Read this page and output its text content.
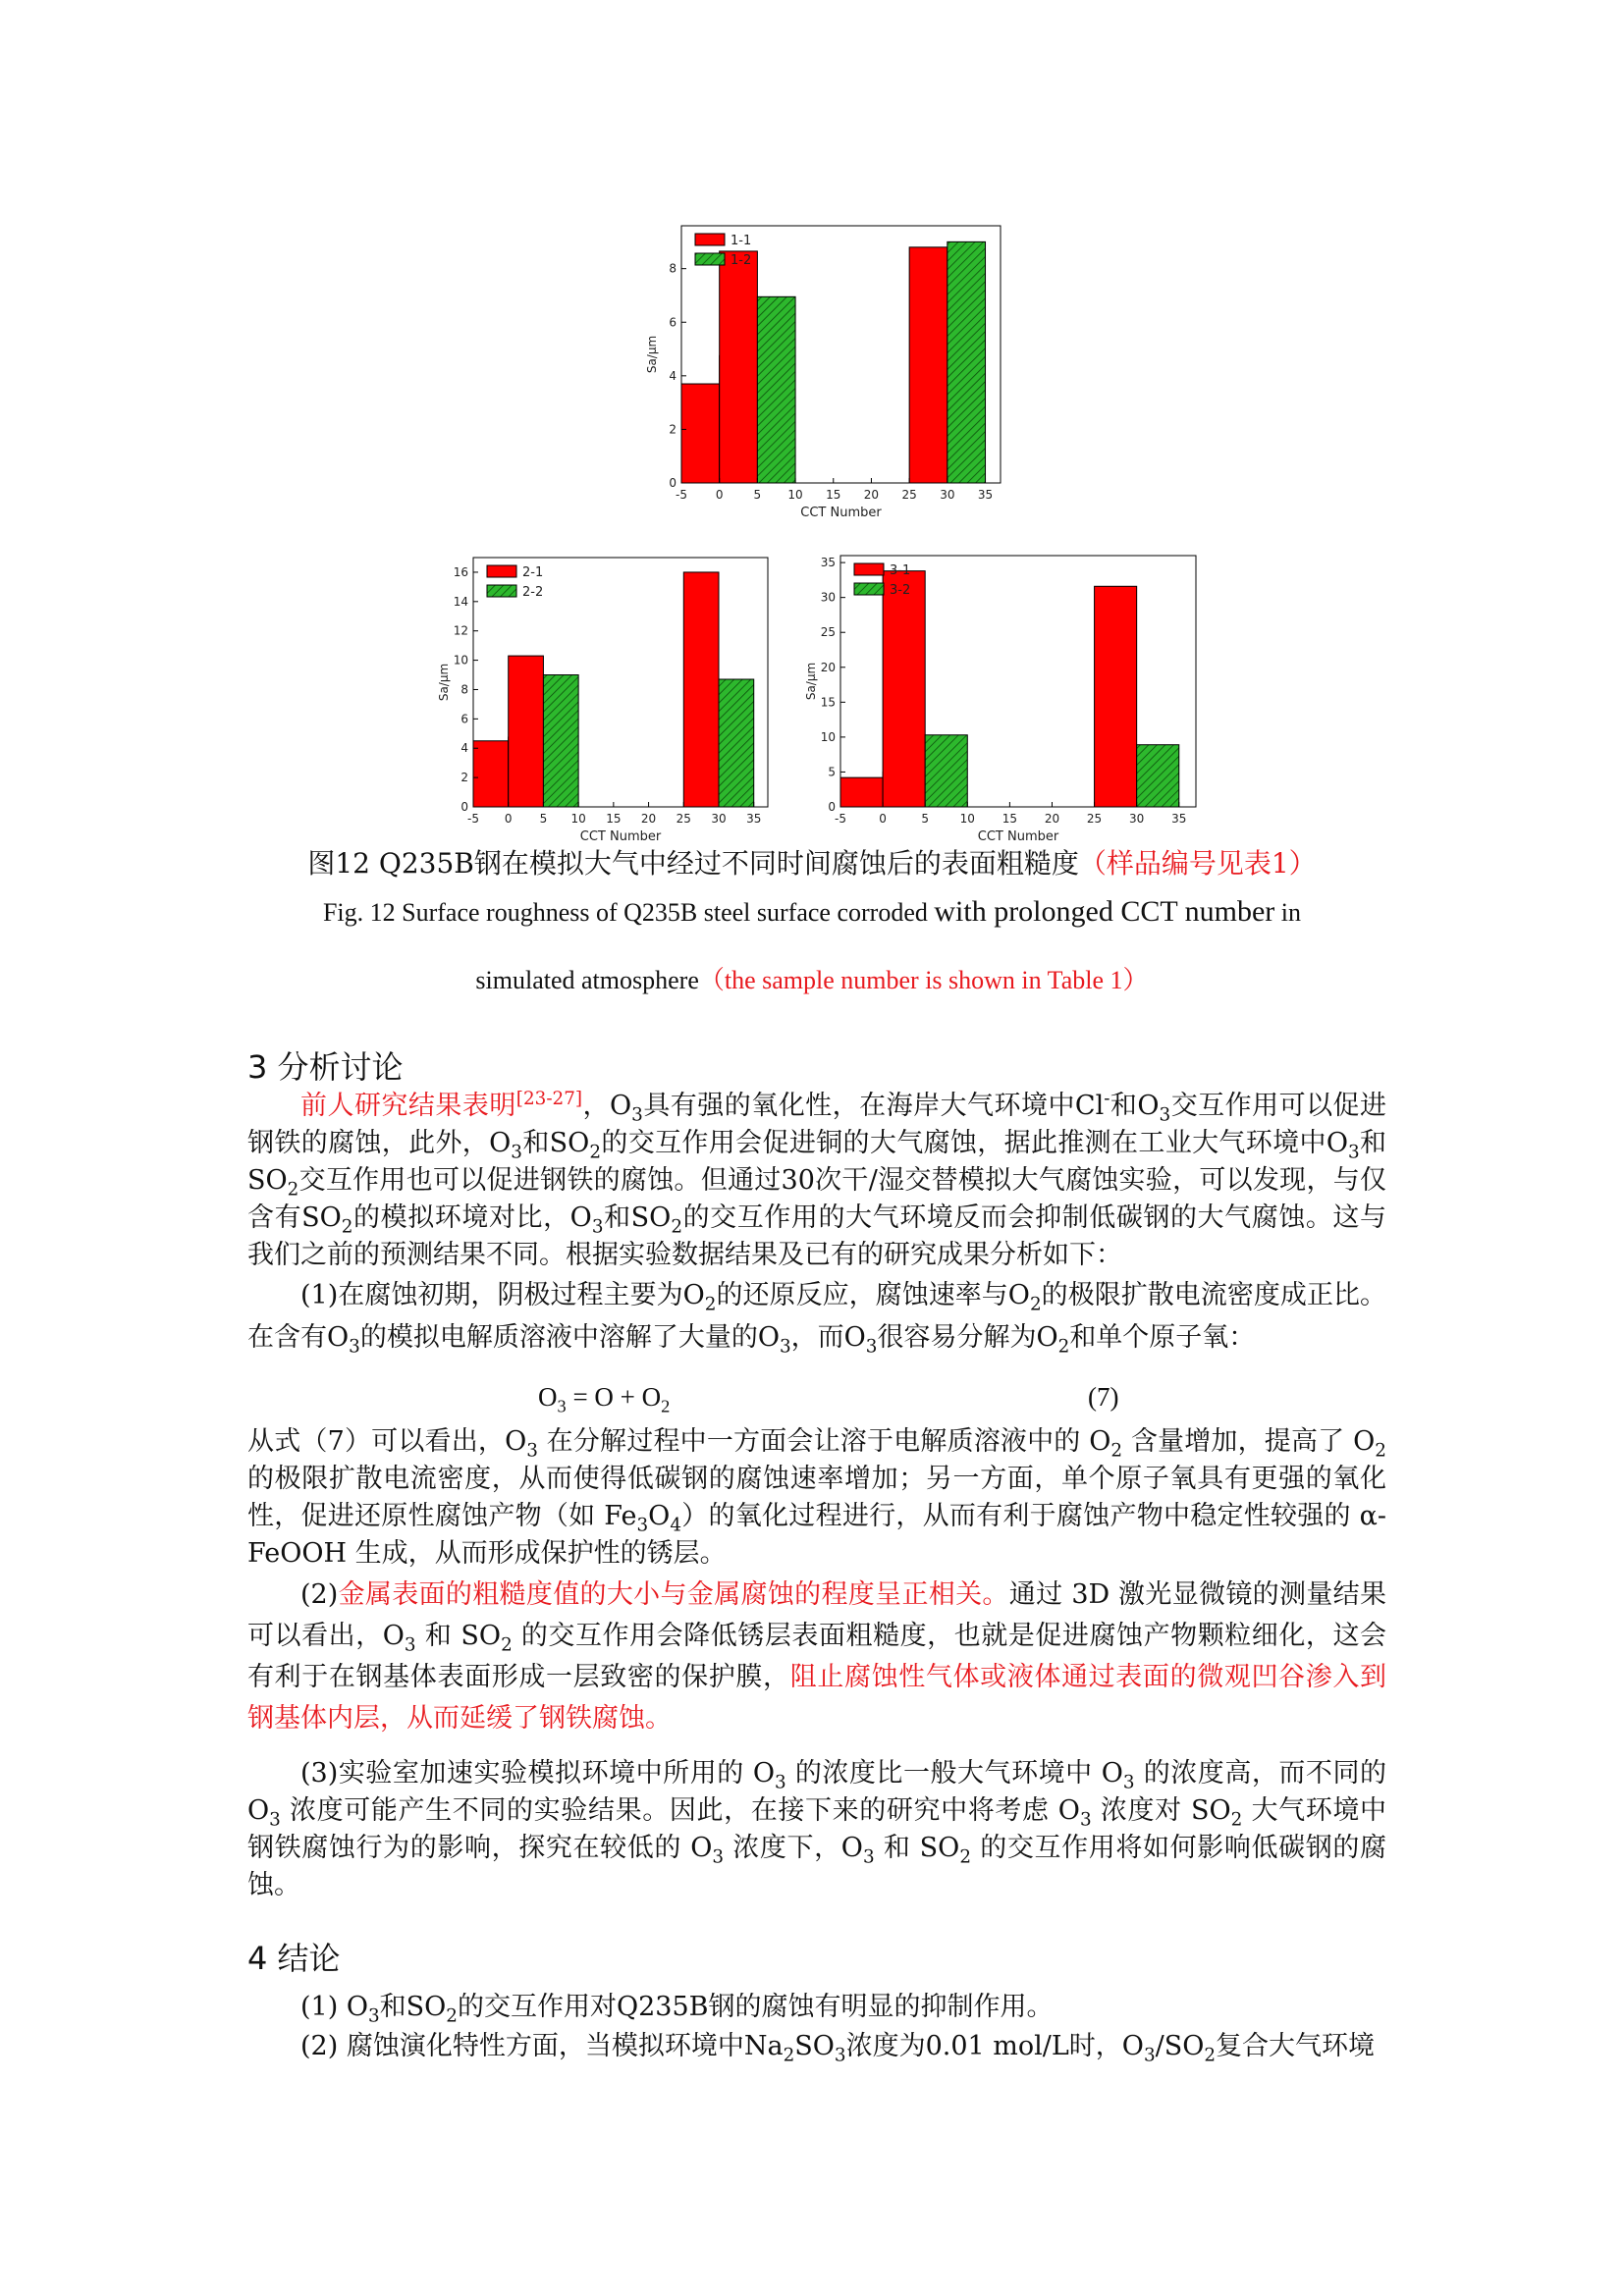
-5 0	5 10 15 20 25 30 35
0
2
4
6
8
CCT Number
Sa/μm
1-1
1-2
-5 0 5 10 15 20 25 30 35
0
2
4
6
8
10
12
14
16
CCT Number
Sa/μm
2-1
2-2
-5	0	5	10 15 20 25 30 35
0
5
10
15
20
25
30
35
CCT Number
Sa/μm
3-1
3-2
图12 Q235B钢在模拟大气中经过不同时间腐蚀后的表面粗糙度（样品编号见表1）
Fig. 12 Surface roughness of Q235B steel surface corroded with prolonged CCT number in
simulated atmosphere（the sample number is shown in Table 1）
3 分析讨论

前人研究结果表明[23-27]，$O_3$具有强的氧化性，在海岸大气环境中Cl-和$O_3$交互作用可以促进钢铁的腐蚀，此外，$O_3$和$SO_2$的交互作用会促进铜的大气腐蚀，据此推测在工业大气环境中$O_3$和$SO_2$交互作用也可以促进钢铁的腐蚀。但通过30次干/湿交替模拟大气腐蚀实验，可以发现，与仅含有$SO_2$的模拟环境对比，$O_3$和$SO_2$的交互作用的大气环境反而会抑制低碳钢的大气腐蚀。这与我们之前的预测结果不同。根据实验数据结果及已有的研究成果分析如下：

(1)在腐蚀初期，阴极过程主要为$O_2$的还原反应，腐蚀速率与$O_2$的极限扩散电流密度成正比。在含有$O_3$的模拟电解质溶液中溶解了大量的$O_3$，而$O_3$很容易分解为$O_2$和单个原子氧：

$O_3 = O + O_2$	(7)

从式（7）可以看出，$O_3$ 在分解过程中一方面会让溶于电解质溶液中的 $O_2$ 含量增加，提高了 $O_2$ 的极限扩散电流密度，从而使得低碳钢的腐蚀速率增加；另一方面，单个原子氧具有更强的氧化性，促进还原性腐蚀产物（如 $Fe_3O_4$）的氧化过程进行，从而有利于腐蚀产物中稳定性较强的 α-FeOOH 生成，从而形成保护性的锈层。

(2)金属表面的粗糙度值的大小与金属腐蚀的程度呈正相关。通过 3D 激光显微镜的测量结果可以看出，$O_3$ 和 $SO_2$ 的交互作用会降低锈层表面粗糙度，也就是促进腐蚀产物颗粒细化，这会有利于在钢基体表面形成一层致密的保护膜，阻止腐蚀性气体或液体通过表面的微观凹谷渗入到钢基体内层，从而延缓了钢铁腐蚀。

(3)实验室加速实验模拟环境中所用的 $O_3$ 的浓度比一般大气环境中 $O_3$ 的浓度高，而不同的 $O_3$ 浓度可能产生不同的实验结果。因此，在接下来的研究中将考虑 $O_3$ 浓度对 $SO_2$ 大气环境中钢铁腐蚀行为的影响，探究在较低的 $O_3$ 浓度下，$O_3$ 和 $SO_2$ 的交互作用将如何影响低碳钢的腐蚀。

4 结论

(1) $O_3$和$SO_2$的交互作用对Q235B钢的腐蚀有明显的抑制作用。

(2) 腐蚀演化特性方面，当模拟环境中$Na_2SO_3$浓度为0.01 mol/L时，$O_3/SO_2$复合大气环境
